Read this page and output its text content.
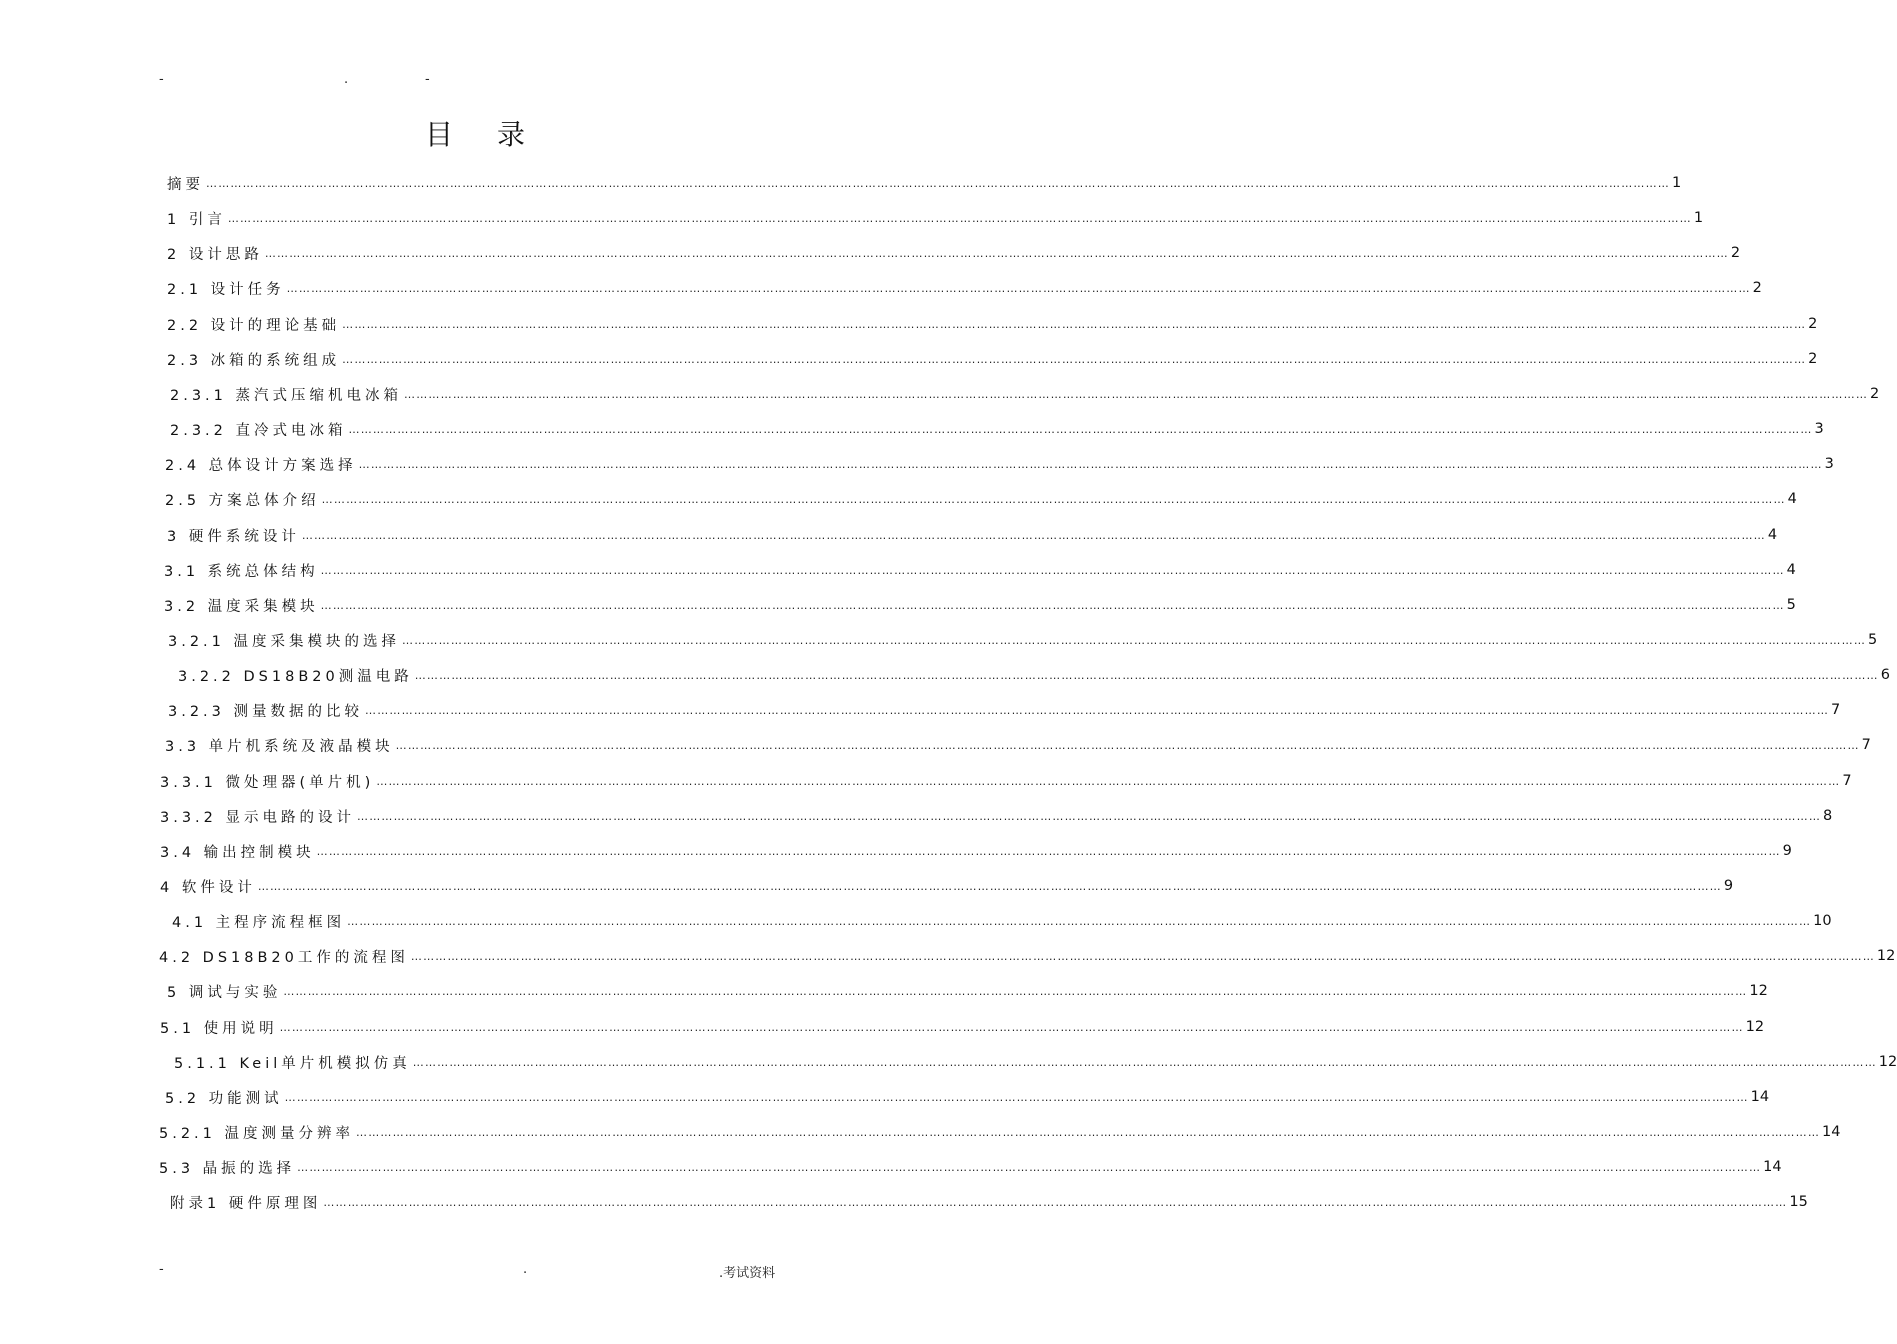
-	.	-
目录
摘要 ……………………………………………………………………………………………………………………………………………………………………………………………………………………………………………………………………………………………………………………………… 1
1 引言 ……………………………………………………………………………………………………………………………………………………………………………………………………………………………………………………………………………………………………………………………… 1
2 设计思路 ……………………………………………………………………………………………………………………………………………………………………………………………………………………………………………………………………………………………………………………………… 2
2.1 设计任务 ……………………………………………………………………………………………………………………………………………………………………………………………………………………………………………………………………………………………………………………………… 2
2.2 设计的理论基础 ……………………………………………………………………………………………………………………………………………………………………………………………………………………………………………………………………………………………………………………………… 2
2.3 冰箱的系统组成 ……………………………………………………………………………………………………………………………………………………………………………………………………………………………………………………………………………………………………………………………… 2
2.3.1 蒸汽式压缩机电冰箱 ……………………………………………………………………………………………………………………………………………………………………………………………………………………………………………………………………………………………………………………………… 2
2.3.2 直冷式电冰箱 ……………………………………………………………………………………………………………………………………………………………………………………………………………………………………………………………………………………………………………………………… 3
2.4 总体设计方案选择 ……………………………………………………………………………………………………………………………………………………………………………………………………………………………………………………………………………………………………………………………… 3
2.5 方案总体介绍 ……………………………………………………………………………………………………………………………………………………………………………………………………………………………………………………………………………………………………………………………… 4
3 硬件系统设计 ……………………………………………………………………………………………………………………………………………………………………………………………………………………………………………………………………………………………………………………………… 4
3.1 系统总体结构 ……………………………………………………………………………………………………………………………………………………………………………………………………………………………………………………………………………………………………………………………… 4
3.2 温度采集模块 ……………………………………………………………………………………………………………………………………………………………………………………………………………………………………………………………………………………………………………………………… 5
3.2.1 温度采集模块的选择 ……………………………………………………………………………………………………………………………………………………………………………………………………………………………………………………………………………………………………………………………… 5
3.2.2 DS18B20测温电路 ……………………………………………………………………………………………………………………………………………………………………………………………………………………………………………………………………………………………………………………………… 6
3.2.3 测量数据的比较 ……………………………………………………………………………………………………………………………………………………………………………………………………………………………………………………………………………………………………………………………… 7
3.3 单片机系统及液晶模块 ……………………………………………………………………………………………………………………………………………………………………………………………………………………………………………………………………………………………………………………………… 7
3.3.1 微处理器(单片机) ……………………………………………………………………………………………………………………………………………………………………………………………………………………………………………………………………………………………………………………………… 7
3.3.2 显示电路的设计 ……………………………………………………………………………………………………………………………………………………………………………………………………………………………………………………………………………………………………………………………… 8
3.4 输出控制模块 ……………………………………………………………………………………………………………………………………………………………………………………………………………………………………………………………………………………………………………………………… 9
4 软件设计 ……………………………………………………………………………………………………………………………………………………………………………………………………………………………………………………………………………………………………………………………… 9
4.1 主程序流程框图 ……………………………………………………………………………………………………………………………………………………………………………………………………………………………………………………………………………………………………………………………… 10
4.2 DS18B20工作的流程图 ……………………………………………………………………………………………………………………………………………………………………………………………………………………………………………………………………………………………………………………………… 12
5 调试与实验 ……………………………………………………………………………………………………………………………………………………………………………………………………………………………………………………………………………………………………………………………… 12
5.1 使用说明 ……………………………………………………………………………………………………………………………………………………………………………………………………………………………………………………………………………………………………………………………… 12
5.1.1 Keil单片机模拟仿真 ……………………………………………………………………………………………………………………………………………………………………………………………………………………………………………………………………………………………………………………………… 12
5.2 功能测试 ……………………………………………………………………………………………………………………………………………………………………………………………………………………………………………………………………………………………………………………………… 14
5.2.1 温度测量分辨率 ……………………………………………………………………………………………………………………………………………………………………………………………………………………………………………………………………………………………………………………………… 14
5.3 晶振的选择 ……………………………………………………………………………………………………………………………………………………………………………………………………………………………………………………………………………………………………………………………… 14
附录1 硬件原理图 ……………………………………………………………………………………………………………………………………………………………………………………………………………………………………………………………………………………………………………………………… 15
-	.	.考试资料
